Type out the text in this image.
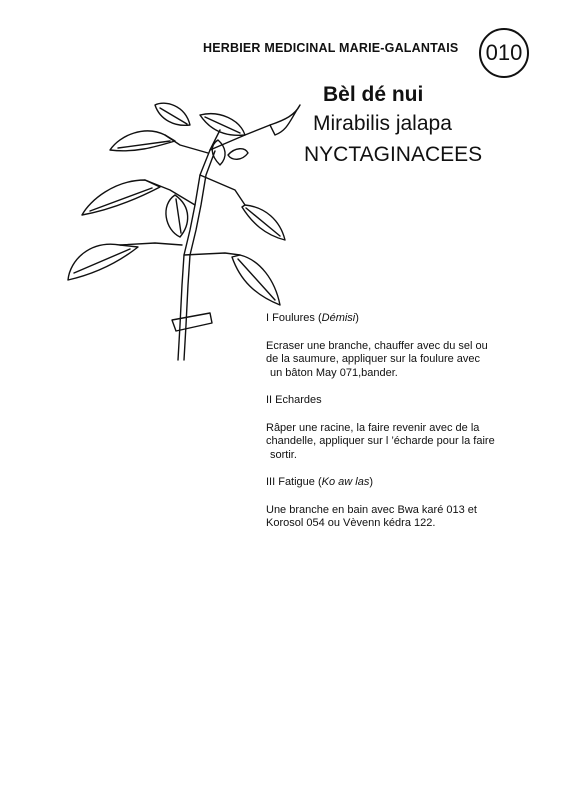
HERBIER MEDICINAL MARIE-GALANTAIS	010
Bèl dé nui
Mirabilis jalapa
NYCTAGINACEES

I Foulures (Démisi)

Ecraser une branche, chauffer avec du sel ou
de la saumure, appliquer sur la foulure avec
un bâton May 071,bander.

II Echardes

Râper une racine, la faire revenir avec de la
chandelle, appliquer sur l ’écharde pour la faire
sortir.

III Fatigue (Ko aw las)

Une branche en bain avec Bwa karé 013 et
Korosol 054 ou Vèvenn kédra 122.
